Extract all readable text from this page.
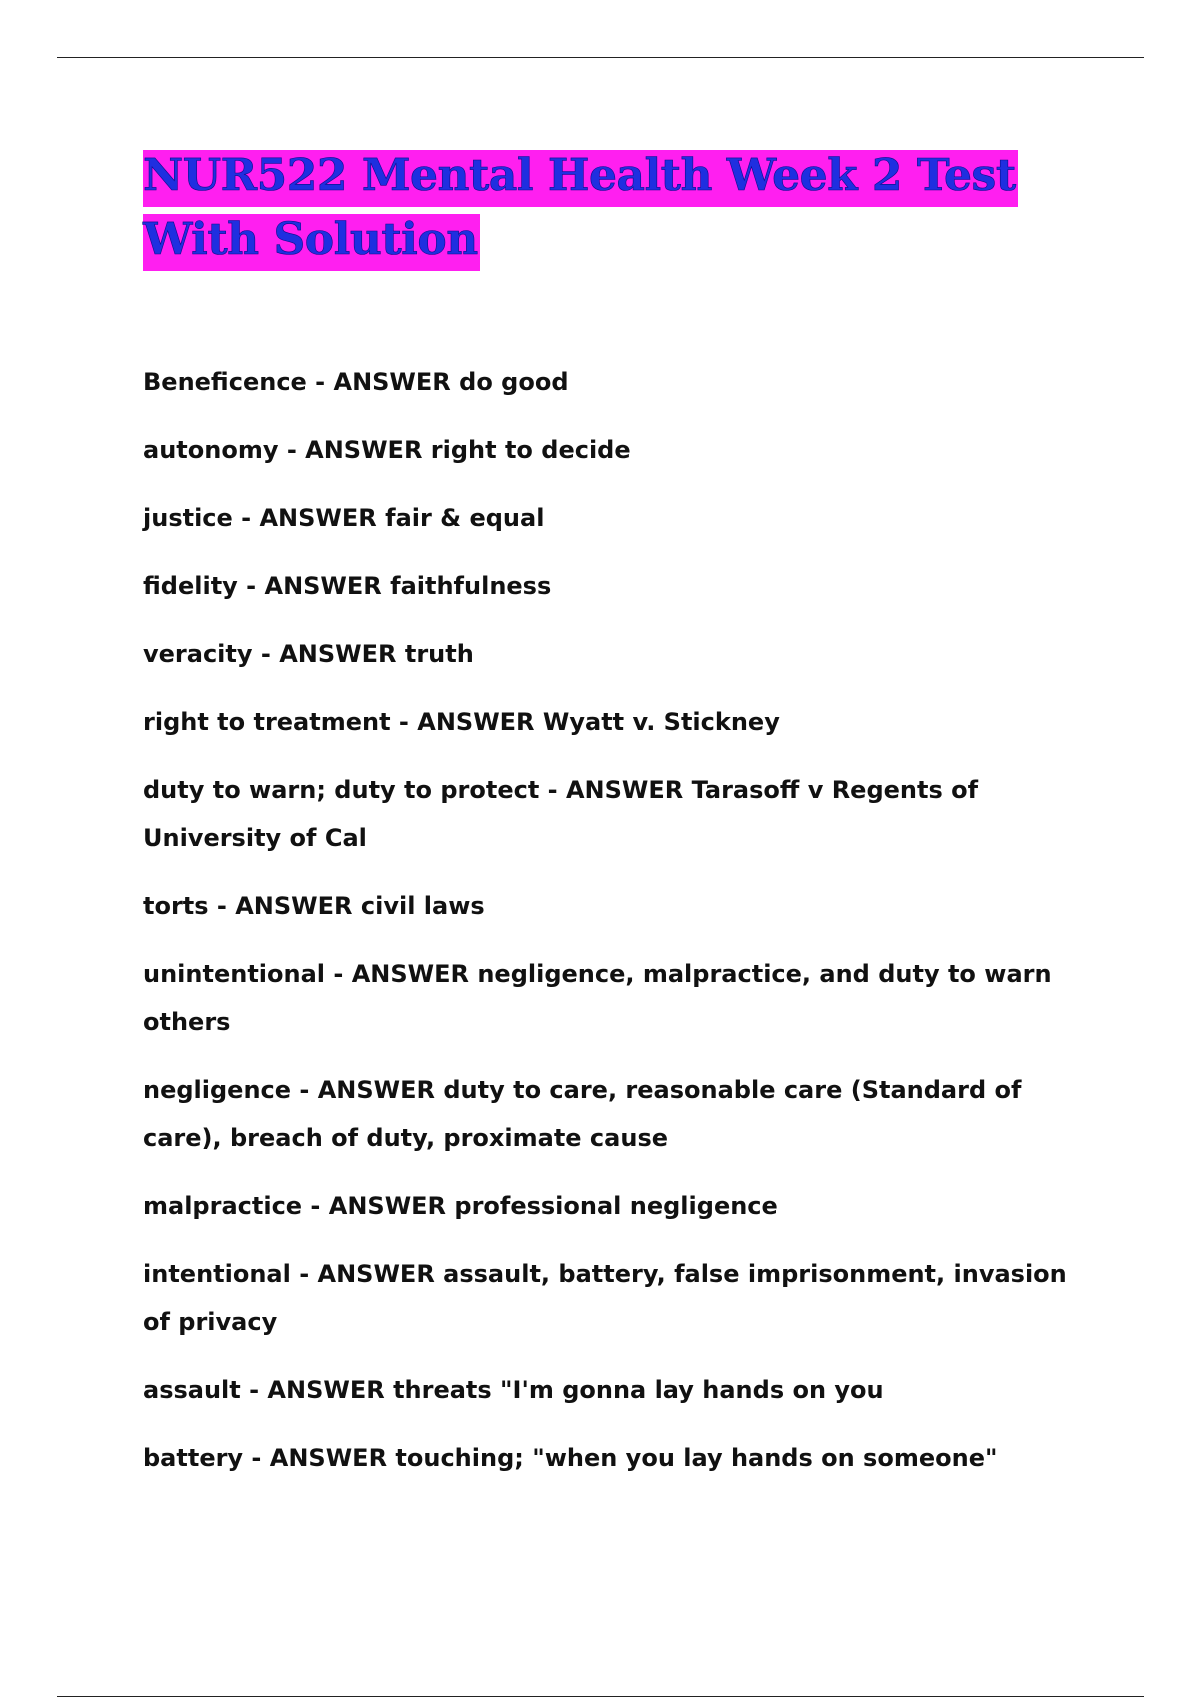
NUR522 Mental Health Week 2 Test With Solution
Beneficence - ANSWER do good
autonomy - ANSWER right to decide
justice - ANSWER fair & equal
fidelity - ANSWER faithfulness
veracity - ANSWER truth
right to treatment - ANSWER Wyatt v. Stickney
duty to warn; duty to protect - ANSWER Tarasoff v Regents of University of Cal
torts - ANSWER civil laws
unintentional - ANSWER negligence, malpractice, and duty to warn others
negligence - ANSWER duty to care, reasonable care (Standard of care), breach of duty, proximate cause
malpractice - ANSWER professional negligence
intentional - ANSWER assault, battery, false imprisonment, invasion of privacy
assault - ANSWER threats "I'm gonna lay hands on you
battery - ANSWER touching; "when you lay hands on someone"
